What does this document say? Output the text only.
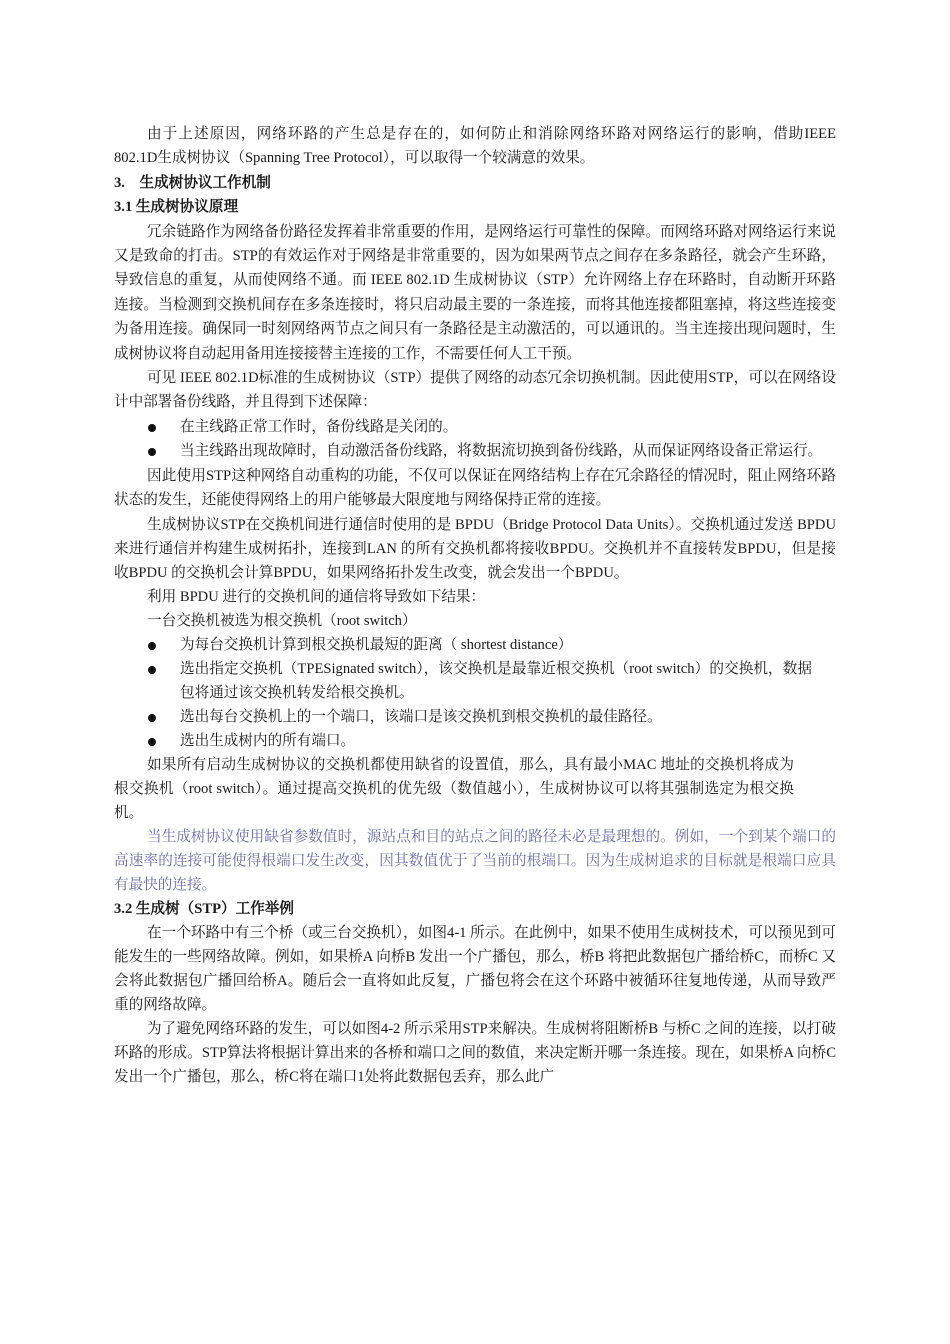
由于上述原因，网络环路的产生总是存在的，如何防止和消除网络环路对网络运行的影响，借助IEEE 802.1D生成树协议（Spanning Tree Protocol），可以取得一个较满意的效果。

3.　生成树协议工作机制

3.1 生成树协议原理

冗余链路作为网络备份路径发挥着非常重要的作用，是网络运行可靠性的保障。而网络环路对网络运行来说又是致命的打击。STP的有效运作对于网络是非常重要的，因为如果两节点之间存在多条路径，就会产生环路，导致信息的重复，从而使网络不通。而 IEEE 802.1D 生成树协议（STP）允许网络上存在环路时，自动断开环路连接。当检测到交换机间存在多条连接时，将只启动最主要的一条连接，而将其他连接都阻塞掉，将这些连接变为备用连接。确保同一时刻网络两节点之间只有一条路径是主动激活的，可以通讯的。当主连接出现问题时，生成树协议将自动起用备用连接接替主连接的工作，不需要任何人工干预。

可见 IEEE 802.1D标准的生成树协议（STP）提供了网络的动态冗余切换机制。因此使用STP，可以在网络设计中部署备份线路，并且得到下述保障：

在主线路正常工作时，备份线路是关闭的。
当主线路出现故障时，自动激活备份线路，将数据流切换到备份线路，从而保证网络设备正常运行。

因此使用STP这种网络自动重构的功能，不仅可以保证在网络结构上存在冗余路径的情况时，阻止网络环路状态的发生，还能使得网络上的用户能够最大限度地与网络保持正常的连接。

生成树协议STP在交换机间进行通信时使用的是 BPDU（Bridge Protocol Data Units）。交换机通过发送 BPDU 来进行通信并构建生成树拓扑，连接到LAN 的所有交换机都将接收BPDU。交换机并不直接转发BPDU，但是接收BPDU 的交换机会计算BPDU，如果网络拓扑发生改变，就会发出一个BPDU。

利用 BPDU 进行的交换机间的通信将导致如下结果：

一台交换机被选为根交换机（root switch）

为每台交换机计算到根交换机最短的距离（ shortest distance）
选出指定交换机（TPESignated switch），该交换机是最靠近根交换机（root switch）的交换机，数据包将通过该交换机转发给根交换机。
选出每台交换机上的一个端口，该端口是该交换机到根交换机的最佳路径。
选出生成树内的所有端口。

如果所有启动生成树协议的交换机都使用缺省的设置值，那么，具有最小MAC 地址的交换机将成为根交换机（root switch）。通过提高交换机的优先级（数值越小），生成树协议可以将其强制选定为根交换机。

当生成树协议使用缺省参数值时，源站点和目的站点之间的路径未必是最理想的。例如，一个到某个端口的高速率的连接可能使得根端口发生改变，因其数值优于了当前的根端口。因为生成树追求的目标就是根端口应具有最快的连接。

3.2 生成树（STP）工作举例

在一个环路中有三个桥（或三台交换机），如图4-1 所示。在此例中，如果不使用生成树技术，可以预见到可能发生的一些网络故障。例如，如果桥A 向桥B 发出一个广播包，那么，桥B 将把此数据包广播给桥C，而桥C 又会将此数据包广播回给桥A。随后会一直将如此反复，广播包将会在这个环路中被循环往复地传递，从而导致严重的网络故障。

为了避免网络环路的发生，可以如图4-2 所示采用STP来解决。生成树将阻断桥B 与桥C 之间的连接，以打破环路的形成。STP算法将根据计算出来的各桥和端口之间的数值，来决定断开哪一条连接。现在，如果桥A 向桥C 发出一个广播包，那么，桥C将在端口1处将此数据包丢弃，那么此广
